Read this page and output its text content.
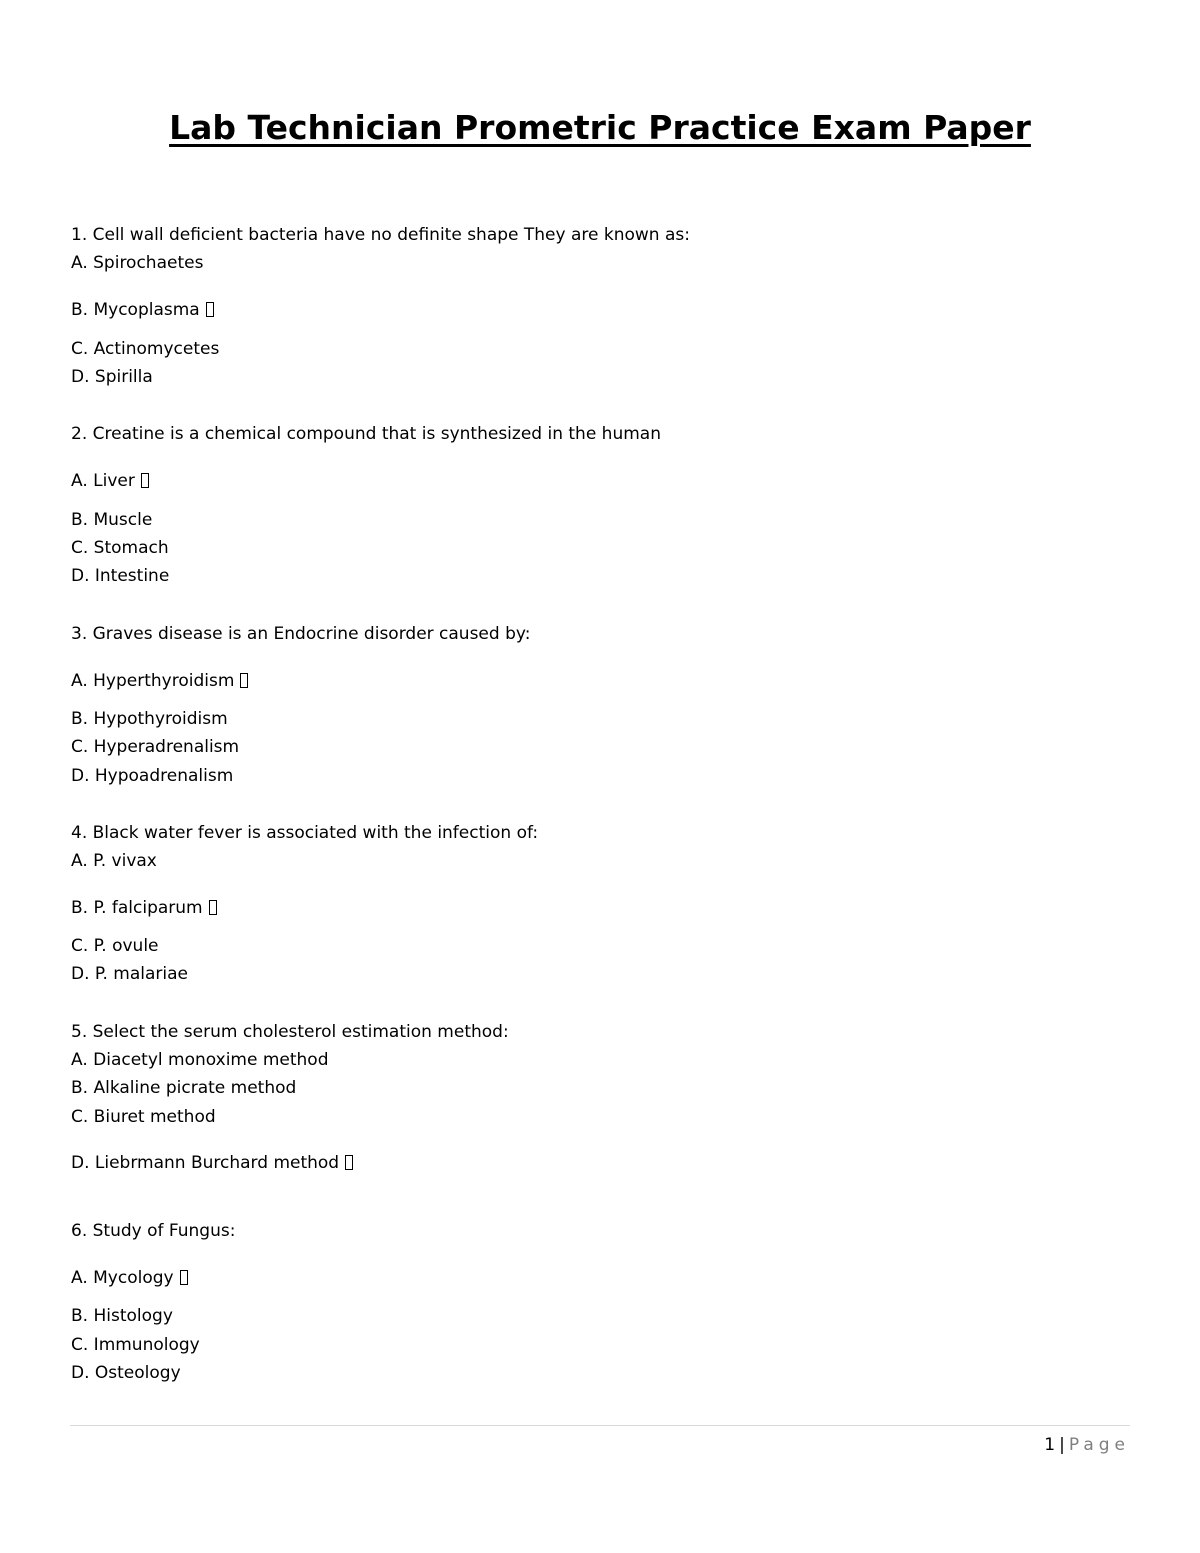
Lab Technician Prometric Practice Exam Paper
1. Cell wall deficient bacteria have no definite shape They are known as:
A. Spirochaetes
B. Mycoplasma
C. Actinomycetes
D. Spirilla
2. Creatine is a chemical compound that is synthesized in the human
A. Liver
B. Muscle
C. Stomach
D. Intestine
3. Graves disease is an Endocrine disorder caused by:
A. Hyperthyroidism
B. Hypothyroidism
C. Hyperadrenalism
D. Hypoadrenalism
4. Black water fever is associated with the infection of:
A. P. vivax
B. P. falciparum
C. P. ovule
D. P. malariae
5. Select the serum cholesterol estimation method:
A. Diacetyl monoxime method
B. Alkaline picrate method
C. Biuret method
D. Liebrmann Burchard method
6. Study of Fungus:
A. Mycology
B. Histology
C. Immunology
D. Osteology
1 | Page
